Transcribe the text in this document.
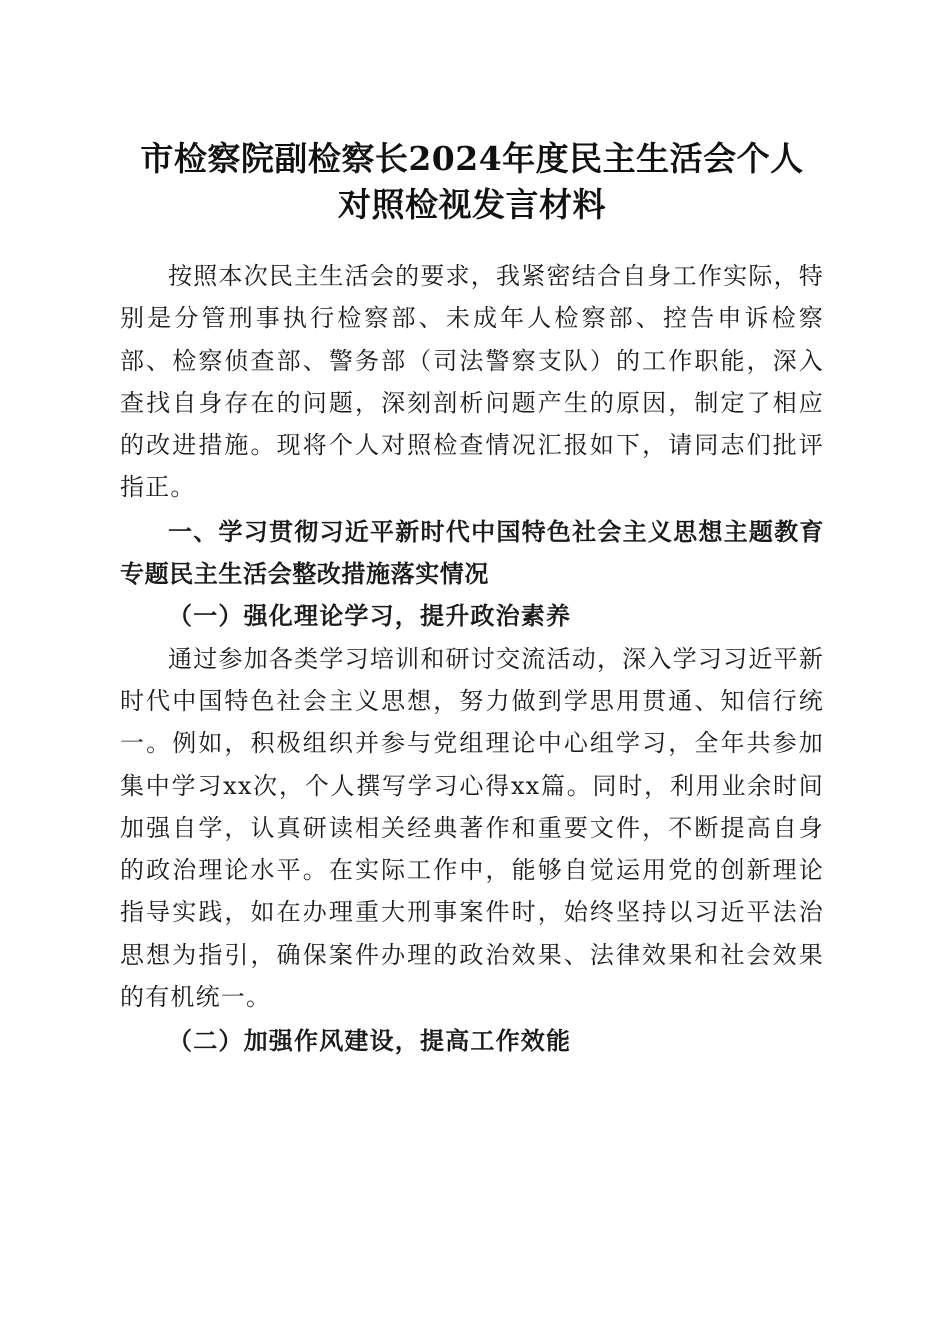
市检察院副检察长2024年度民主生活会个人
对照检视发言材料

按照本次民主生活会的要求，我紧密结合自身工作实际，特别是分管刑事执行检察部、未成年人检察部、控告申诉检察部、检察侦查部、警务部（司法警察支队）的工作职能，深入查找自身存在的问题，深刻剖析问题产生的原因，制定了相应的改进措施。现将个人对照检查情况汇报如下，请同志们批评指正。

一、学习贯彻习近平新时代中国特色社会主义思想主题教育专题民主生活会整改措施落实情况

（一）强化理论学习，提升政治素养

通过参加各类学习培训和研讨交流活动，深入学习习近平新时代中国特色社会主义思想，努力做到学思用贯通、知信行统一。例如，积极组织并参与党组理论中心组学习，全年共参加集中学习xx次，个人撰写学习心得xx篇。同时，利用业余时间加强自学，认真研读相关经典著作和重要文件，不断提高自身的政治理论水平。在实际工作中，能够自觉运用党的创新理论指导实践，如在办理重大刑事案件时，始终坚持以习近平法治思想为指引，确保案件办理的政治效果、法律效果和社会效果的有机统一。

（二）加强作风建设，提高工作效能
